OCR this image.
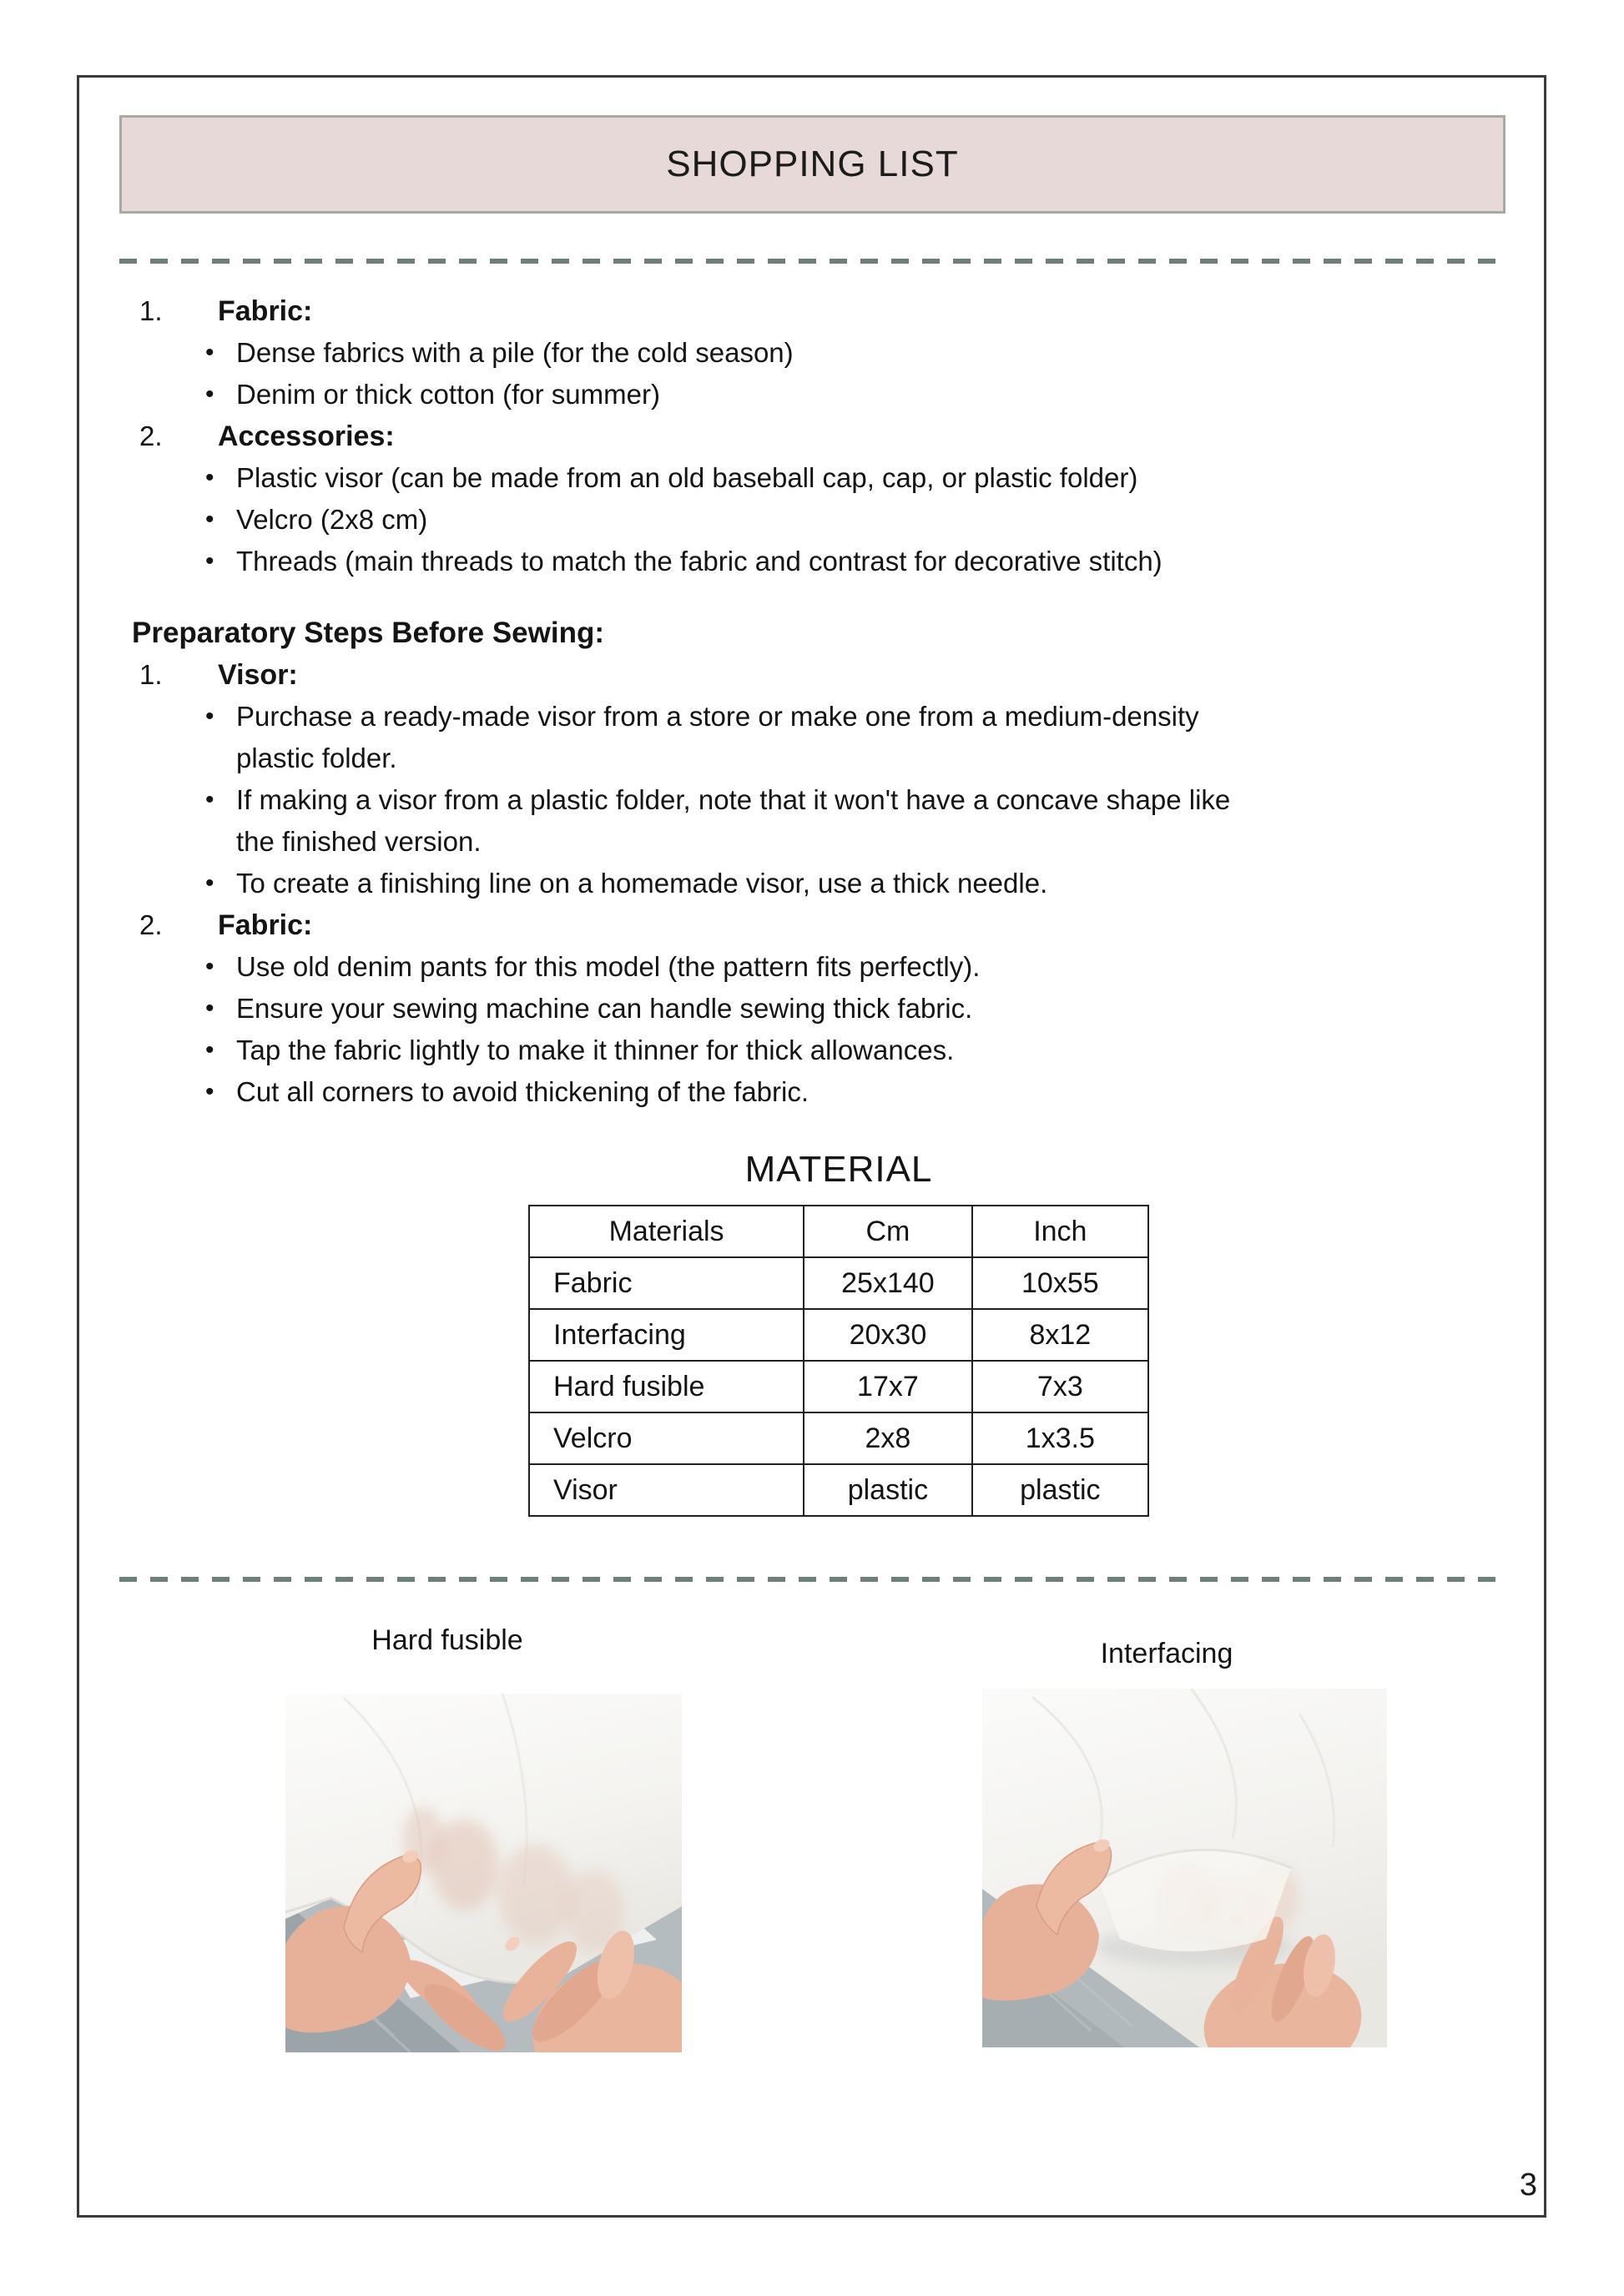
SHOPPING LIST
1.	Fabric:
• Dense fabrics with a pile (for the cold season)
• Denim or thick cotton (for summer)
2.	Accessories:
• Plastic visor (can be made from an old baseball cap, cap, or plastic folder)
• Velcro (2x8 cm)
• Threads (main threads to match the fabric and contrast for decorative stitch)
Preparatory Steps Before Sewing:
1.	Visor:
• Purchase a ready-made visor from a store or make one from a medium-density
plastic folder.
• If making a visor from a plastic folder, note that it won't have a concave shape like
the finished version.
• To create a finishing line on a homemade visor, use a thick needle.
2.	Fabric:
• Use old denim pants for this model (the pattern fits perfectly).
• Ensure your sewing machine can handle sewing thick fabric.
• Tap the fabric lightly to make it thinner for thick allowances.
• Cut all corners to avoid thickening of the fabric.
MATERIAL
Materials	Cm	Inch
Fabric	25x140	10x55
Interfacing	20x30	8x12
Hard fusible	17x7	7x3
Velcro	2x8	1x3.5
Visor	plastic	plastic
Hard fusible	Interfacing
3
